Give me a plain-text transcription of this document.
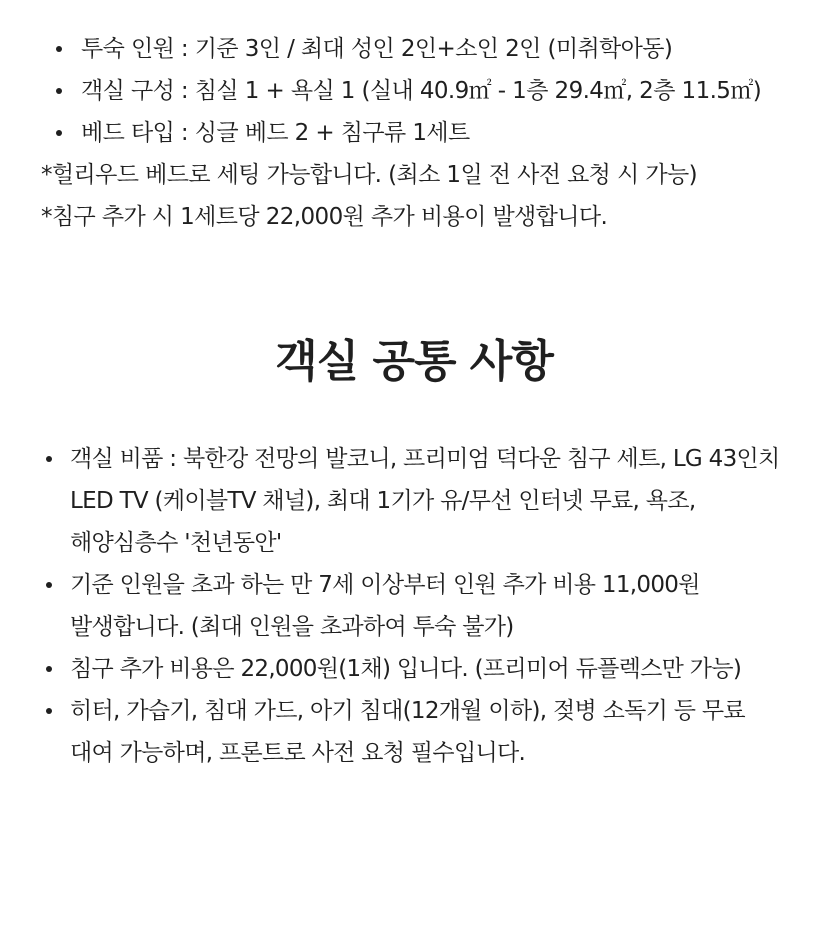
투숙 인원 : 기준 3인 / 최대 성인 2인+소인 2인 (미취학아동)
객실 구성 : 침실 1 + 욕실 1 (실내 40.9㎡ - 1층 29.4㎡, 2층 11.5㎡)
베드 타입 : 싱글 베드 2 + 침구류 1세트
*헐리우드 베드로 세팅 가능합니다. (최소 1일 전 사전 요청 시 가능)
*침구 추가 시 1세트당 22,000원 추가 비용이 발생합니다.
객실 공통 사항
객실 비품 : 북한강 전망의 발코니, 프리미엄 덕다운 침구 세트, LG 43인치 LED TV (케이블TV 채널), 최대 1기가 유/무선 인터넷 무료, 욕조, 해양심층수 '천년동안'
기준 인원을 초과 하는 만 7세 이상부터 인원 추가 비용 11,000원 발생합니다. (최대 인원을 초과하여 투숙 불가)
침구 추가 비용은 22,000원(1채) 입니다. (프리미어 듀플렉스만 가능)
히터, 가습기, 침대 가드, 아기 침대(12개월 이하), 젖병 소독기 등 무료 대여 가능하며, 프론트로 사전 요청 필수입니다.
